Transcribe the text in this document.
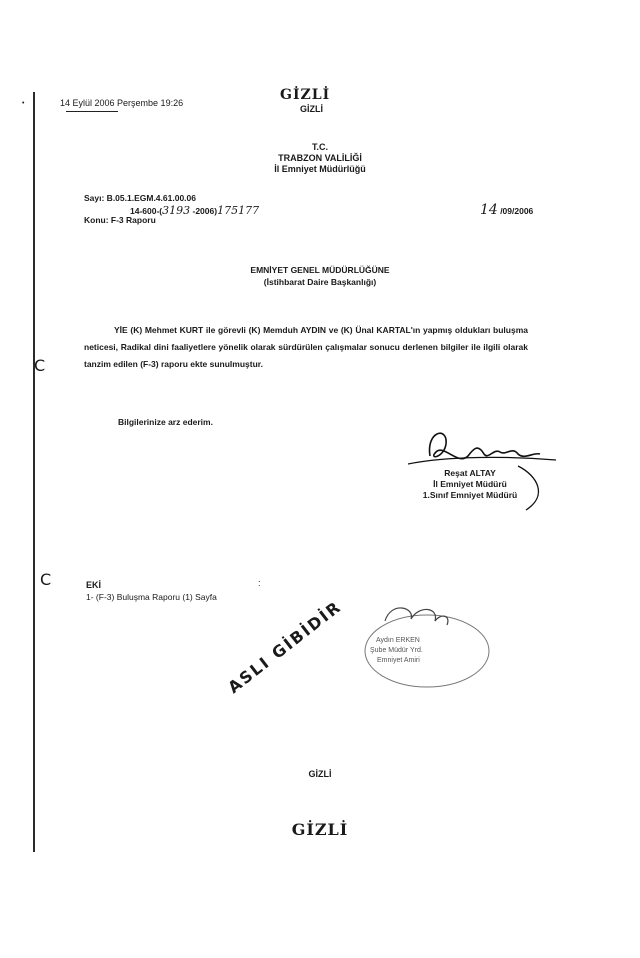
•	14 Eylül 2006 Perşembe 19:26	GİZLİ
GİZLİ
T.C.
TRABZON VALİLİĞİ
İl Emniyet Müdürlüğü
Sayı: B.05.1.EGM.4.61.00.06
14-600-(3193 -2006)175177
Konu: F-3 Raporu
14 /09/2006
EMNİYET GENEL MÜDÜRLÜĞÜNE
(İstihbarat Daire Başkanlığı)
YİE (K) Mehmet KURT ile görevli (K) Memduh AYDIN ve (K) Ünal KARTAL'ın yapmış oldukları buluşma neticesi, Radikal dini faaliyetlere yönelik olarak sürdürülen çalışmalar sonucu derlenen bilgiler ile ilgili olarak tanzim edilen (F-3) raporu ekte sunulmuştur.
Bilgilerinize arz ederim.
C
C
Reşat ALTAY
İl Emniyet Müdürü
1.Sınıf Emniyet Müdürü
EKİ	:
1- (F-3) Buluşma Raporu (1) Sayfa
Aydın ERKEN
Şube Müdür Yrd.
Emniyet Amiri
ASLI GİBİDİR
GİZLİ
GİZLİ
